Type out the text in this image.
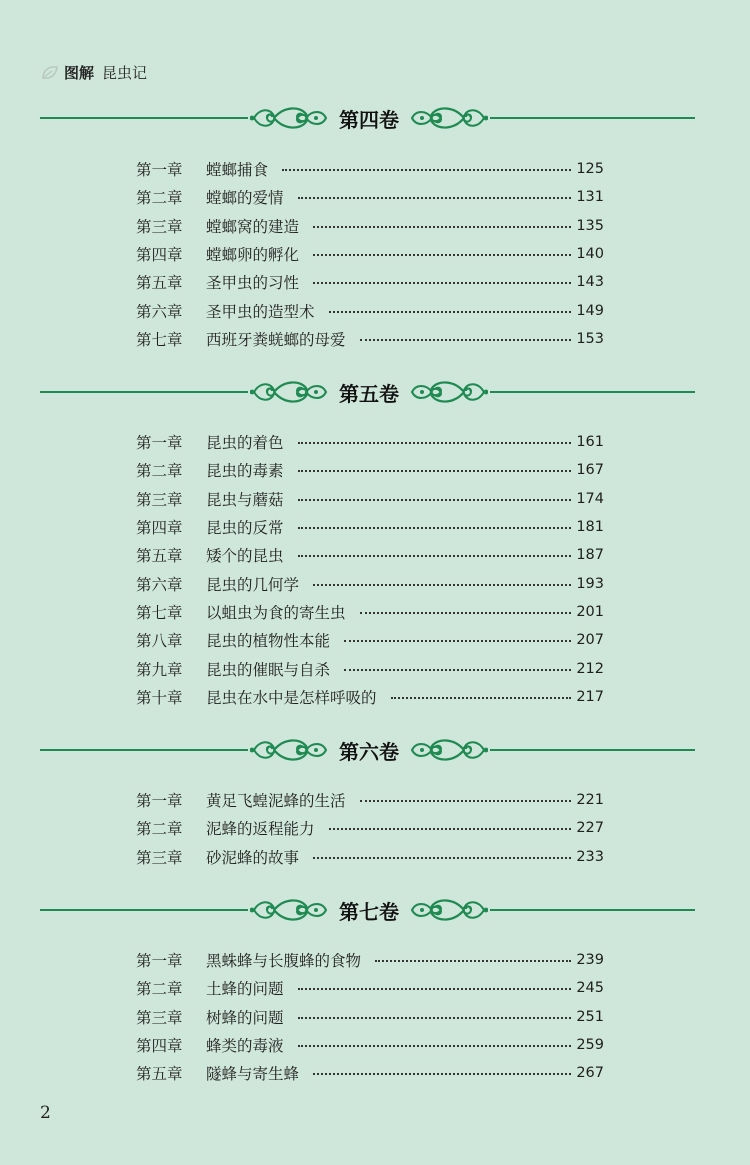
图解 昆虫记
第四卷
第一章	螳螂捕食	125
第二章	螳螂的爱情	131
第三章	螳螂窝的建造	135
第四章	螳螂卵的孵化	140
第五章	圣甲虫的习性	143
第六章	圣甲虫的造型术	149
第七章	西班牙粪蜣螂的母爱	153
第五卷
第一章	昆虫的着色	161
第二章	昆虫的毒素	167
第三章	昆虫与蘑菇	174
第四章	昆虫的反常	181
第五章	矮个的昆虫	187
第六章	昆虫的几何学	193
第七章	以蛆虫为食的寄生虫	201
第八章	昆虫的植物性本能	207
第九章	昆虫的催眠与自杀	212
第十章	昆虫在水中是怎样呼吸的	217
第六卷
第一章	黄足飞蝗泥蜂的生活	221
第二章	泥蜂的返程能力	227
第三章	砂泥蜂的故事	233
第七卷
第一章	黑蛛蜂与长腹蜂的食物	239
第二章	土蜂的问题	245
第三章	树蜂的问题	251
第四章	蜂类的毒液	259
第五章	隧蜂与寄生蜂	267
2
